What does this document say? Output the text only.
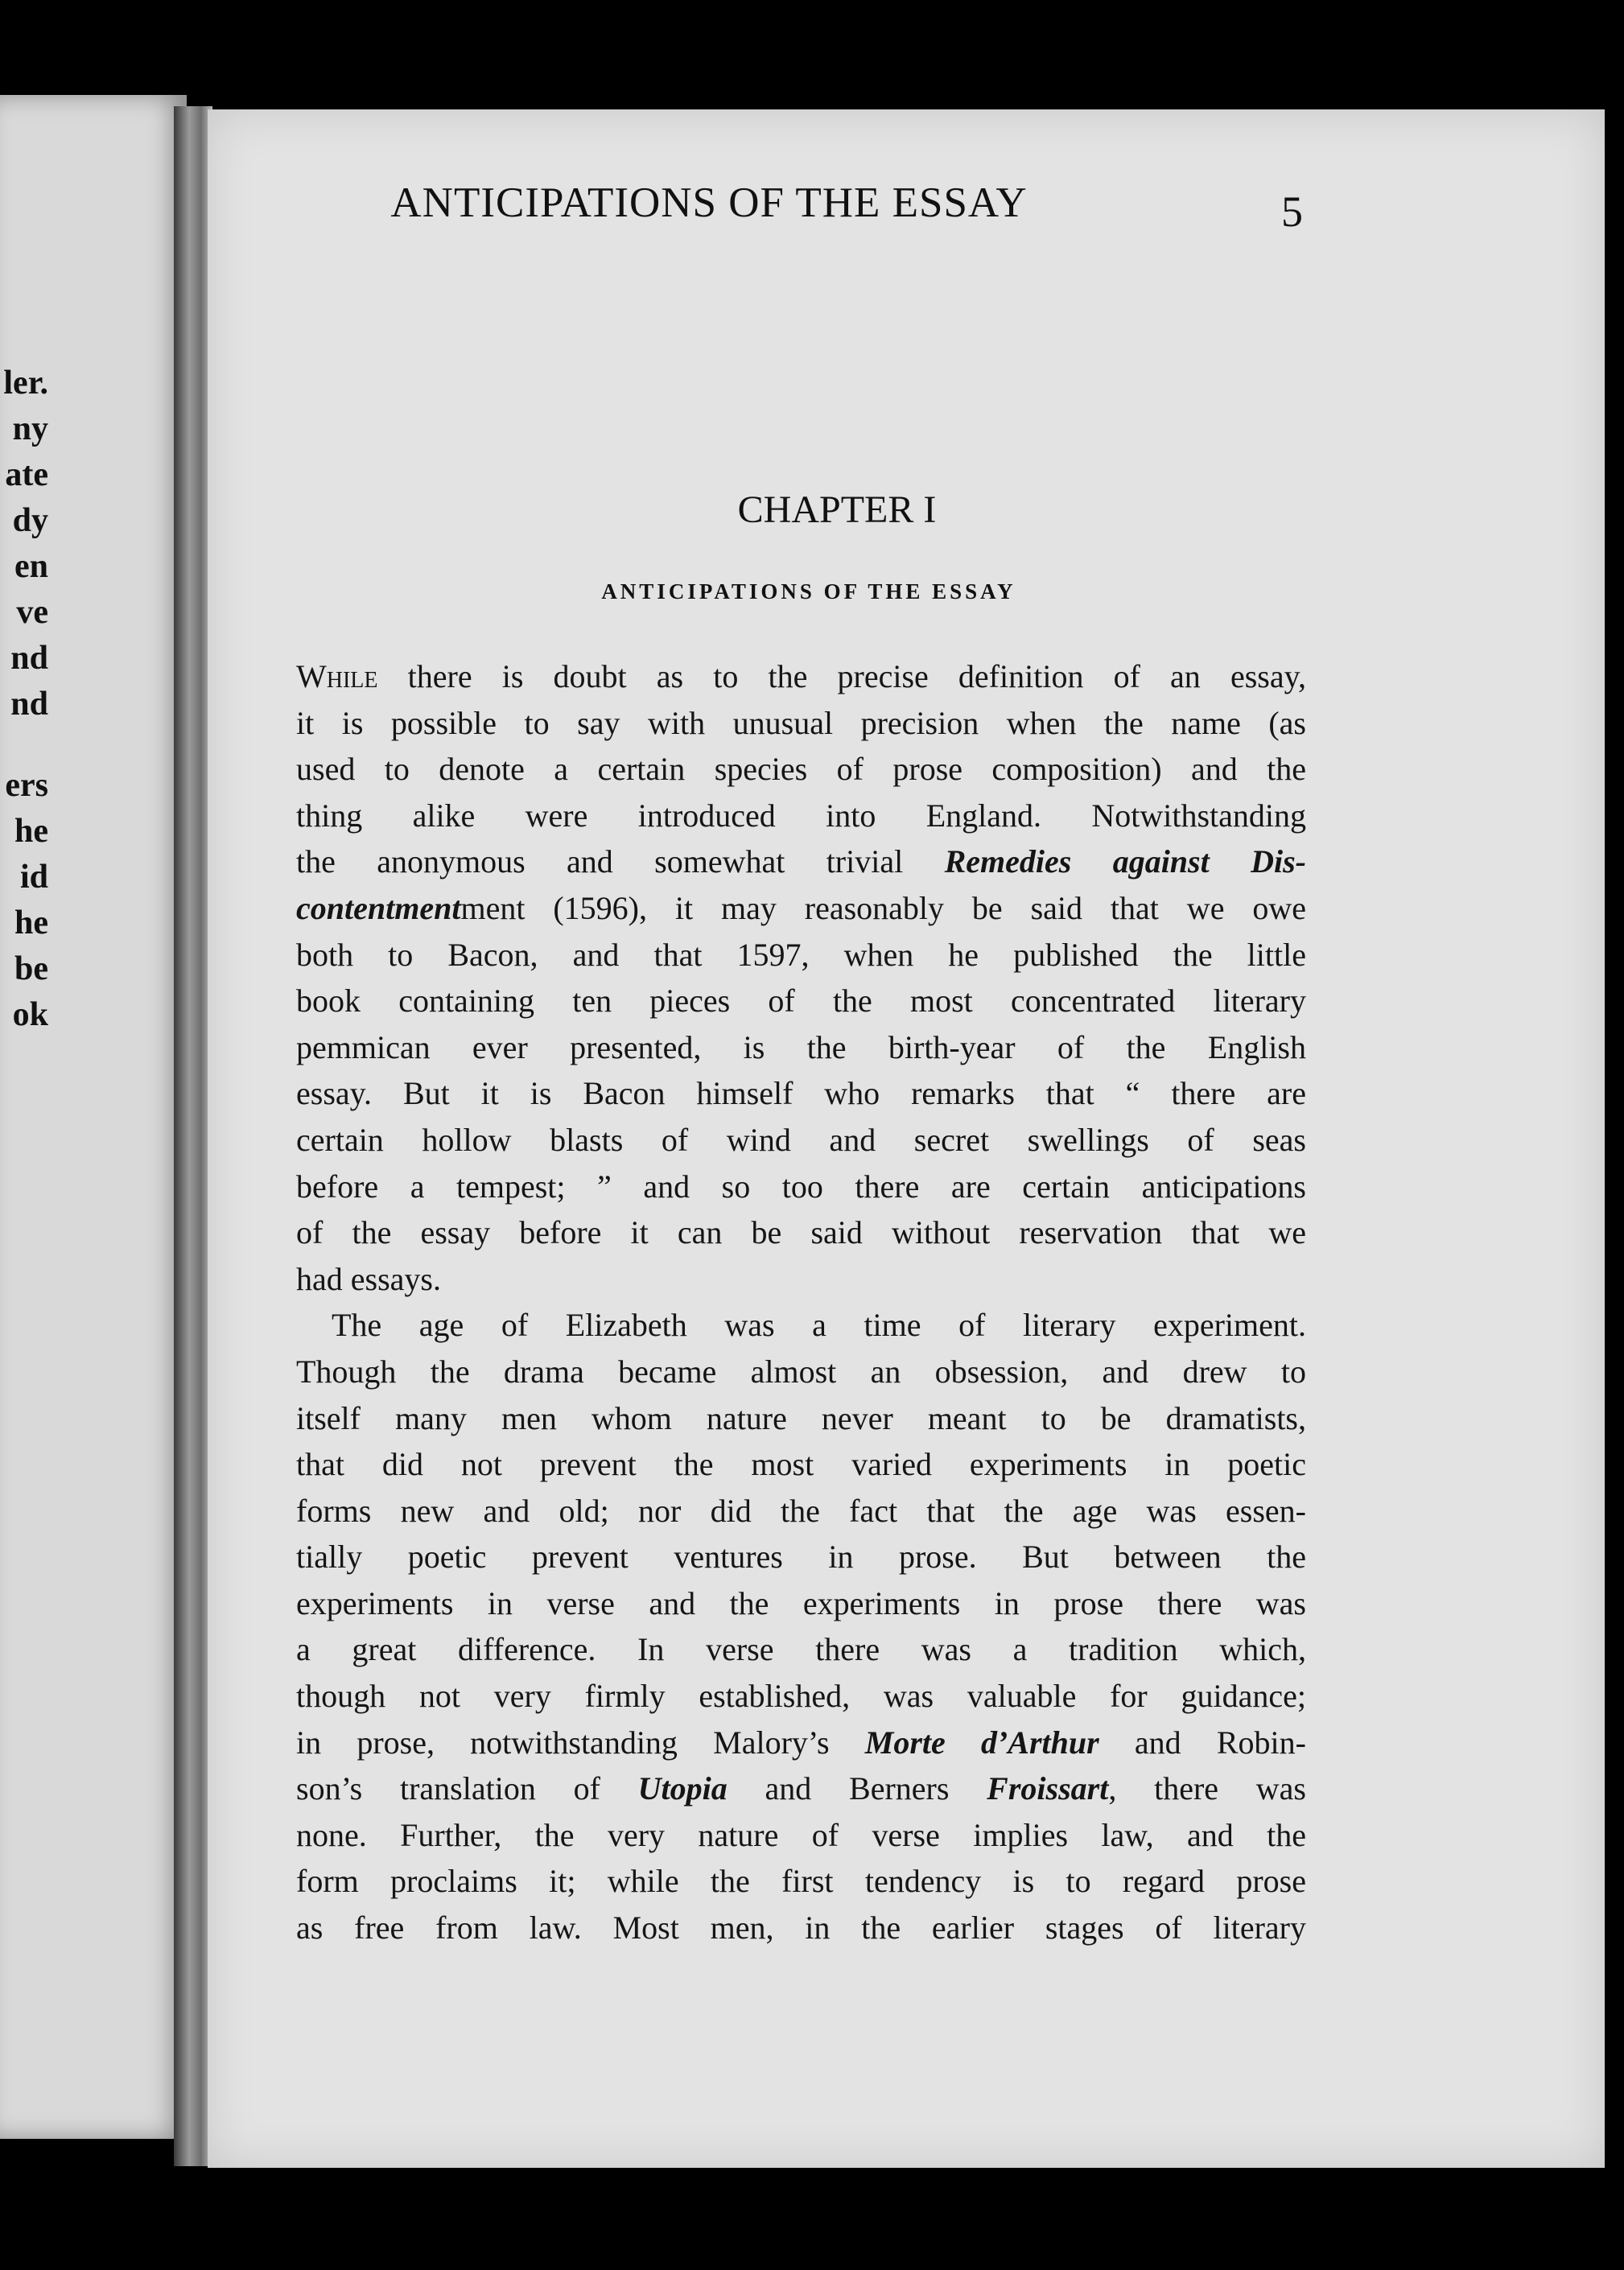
ler.
ny
ate
dy
en
ve
nd
nd
ers
he
id
he
be
ok
ANTICIPATIONS OF THE ESSAY	5
CHAPTER I
ANTICIPATIONS OF THE ESSAY

While there is doubt as to the precise definition of an essay,
it is possible to say with unusual precision when the name (as
used to denote a certain species of prose composition) and the
thing alike were introduced into England. Notwithstanding
the anonymous and somewhat trivial Remedies against Dis-
contentmentment (1596), it may reasonably be said that we owe
both to Bacon, and that 1597, when he published the little
book containing ten pieces of the most concentrated literary
pemmican ever presented, is the birth-year of the English
essay. But it is Bacon himself who remarks that “ there are
certain hollow blasts of wind and secret swellings of seas
before a tempest; ” and so too there are certain anticipations
of the essay before it can be said without reservation that we
had essays.

The age of Elizabeth was a time of literary experiment.
Though the drama became almost an obsession, and drew to
itself many men whom nature never meant to be dramatists,
that did not prevent the most varied experiments in poetic
forms new and old; nor did the fact that the age was essen-
tially poetic prevent ventures in prose. But between the
experiments in verse and the experiments in prose there was
a great difference. In verse there was a tradition which,
though not very firmly established, was valuable for guidance;
in prose, notwithstanding Malory’s Morte d’Arthur and Robin-
son’s translation of Utopia and Berners Froissart, there was
none. Further, the very nature of verse implies law, and the
form proclaims it; while the first tendency is to regard prose
as free from law. Most men, in the earlier stages of literary
